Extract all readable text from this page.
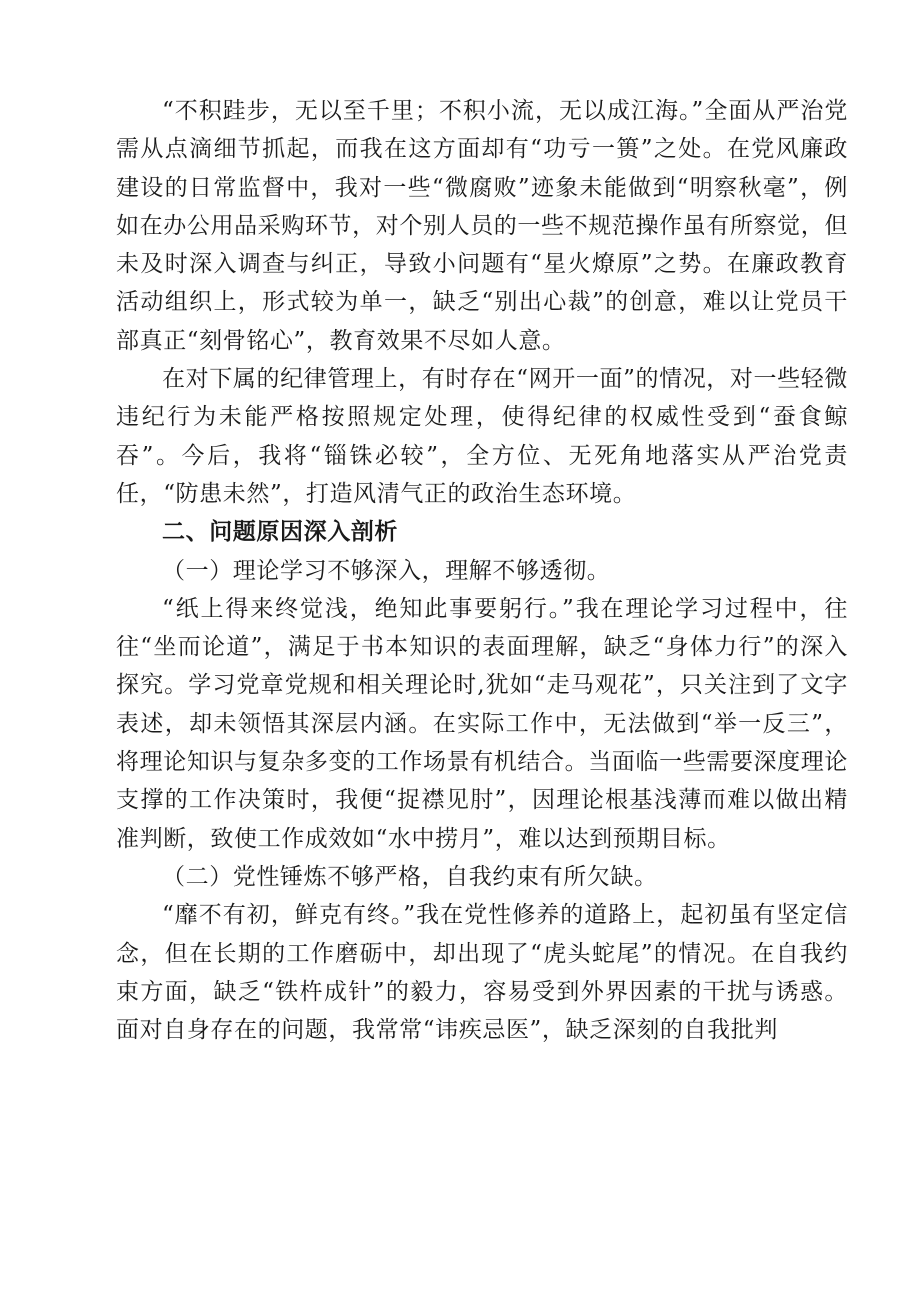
“不积跬步，无以至千里；不积小流，无以成江海。”全面从严治党需从点滴细节抓起，而我在这方面却有“功亏一篑”之处。在党风廉政建设的日常监督中，我对一些“微腐败”迹象未能做到“明察秋毫”，例如在办公用品采购环节，对个别人员的一些不规范操作虽有所察觉，但未及时深入调查与纠正，导致小问题有“星火燎原”之势。在廉政教育活动组织上，形式较为单一，缺乏“别出心裁”的创意，难以让党员干部真正“刻骨铭心”，教育效果不尽如人意。

在对下属的纪律管理上，有时存在“网开一面”的情况，对一些轻微违纪行为未能严格按照规定处理，使得纪律的权威性受到“蚕食鲸吞”。今后，我将“锱铢必较”，全方位、无死角地落实从严治党责任，“防患未然”，打造风清气正的政治生态环境。

二、问题原因深入剖析

（一）理论学习不够深入，理解不够透彻。

“纸上得来终觉浅，绝知此事要躬行。”我在理论学习过程中，往往“坐而论道”，满足于书本知识的表面理解，缺乏“身体力行”的深入探究。学习党章党规和相关理论时,犹如“走马观花”，只关注到了文字表述，却未领悟其深层内涵。在实际工作中，无法做到“举一反三”，将理论知识与复杂多变的工作场景有机结合。当面临一些需要深度理论支撑的工作决策时，我便“捉襟见肘”，因理论根基浅薄而难以做出精准判断，致使工作成效如“水中捞月”，难以达到预期目标。

（二）党性锤炼不够严格，自我约束有所欠缺。

“靡不有初，鲜克有终。”我在党性修养的道路上，起初虽有坚定信念，但在长期的工作磨砺中，却出现了“虎头蛇尾”的情况。在自我约束方面，缺乏“铁杵成针”的毅力，容易受到外界因素的干扰与诱惑。面对自身存在的问题，我常常“讳疾忌医”，缺乏深刻的自我批判
